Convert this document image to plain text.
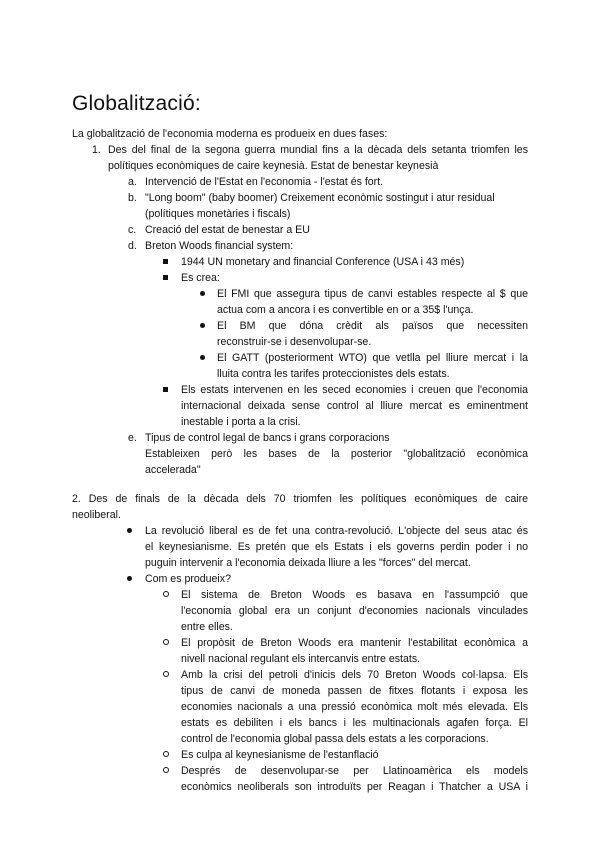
Globalització:
La globalització de l'economia moderna es produeix en dues fases:
1. Des del final de la segona guerra mundial fins a la dècada dels setanta triomfen les
polítiques econòmiques de caire keynesià. Estat de benestar keynesià
a. Intervenció de l'Estat en l'economia - l'estat és fort.
b. "Long boom" (baby boomer) Creixement econòmic sostingut i atur residual
(polítiques monetàries i fiscals)
c. Creació del estat de benestar a EU
d. Breton Woods financial system:
1944 UN monetary and financial Conference (USA i 43 més)
Es crea:
El FMI que assegura tipus de canvi estables respecte al $ que
actua com a ancora i es convertible en or a 35$ l'unça.
El BM que dóna crèdit als països que necessiten
reconstruir-se i desenvolupar-se.
El GATT (posteriorment WTO) que vetlla pel lliure mercat i la
lluita contra les tarifes proteccionistes dels estats.
Els estats intervenen en les seced economies i creuen que l'economia
internacional deixada sense control al lliure mercat es eminentment
inestable i porta a la crisi.
e. Tipus de control legal de bancs i grans corporacions
Estableixen però les bases de la posterior "globalització econòmica
accelerada"
2. Des de finals de la dècada dels 70 triomfen les polítiques econòmiques de caire
neoliberal.
La revolució liberal es de fet una contra-revolució. L'objecte del seus atac és
el keynesianisme. Es pretén que els Estats i els governs perdin poder i no
puguin intervenir a l'economia deixada lliure a les "forces" del mercat.
Com es produeix?
El sistema de Breton Woods es basava en l'assumpció que
l'economia global era un conjunt d'economies nacionals vinculades
entre elles.
El propòsit de Breton Woods era mantenir l'estabilitat econòmica a
nivell nacional regulant els intercanvis entre estats.
Amb la crisi del petroli d'inicis dels 70 Breton Woods col·lapsa. Els
tipus de canvi de moneda passen de fitxes flotants i exposa les
economies nacionals a una pressió econòmica molt més elevada. Els
estats es debiliten i els bancs i les multinacionals agafen força. El
control de l'economia global passa dels estats a les corporacions.
Es culpa al keynesianisme de l'estanflació
Després de desenvolupar-se per Llatinoamèrica els models
econòmics neoliberals son introduïts per Reagan i Thatcher a USA i
